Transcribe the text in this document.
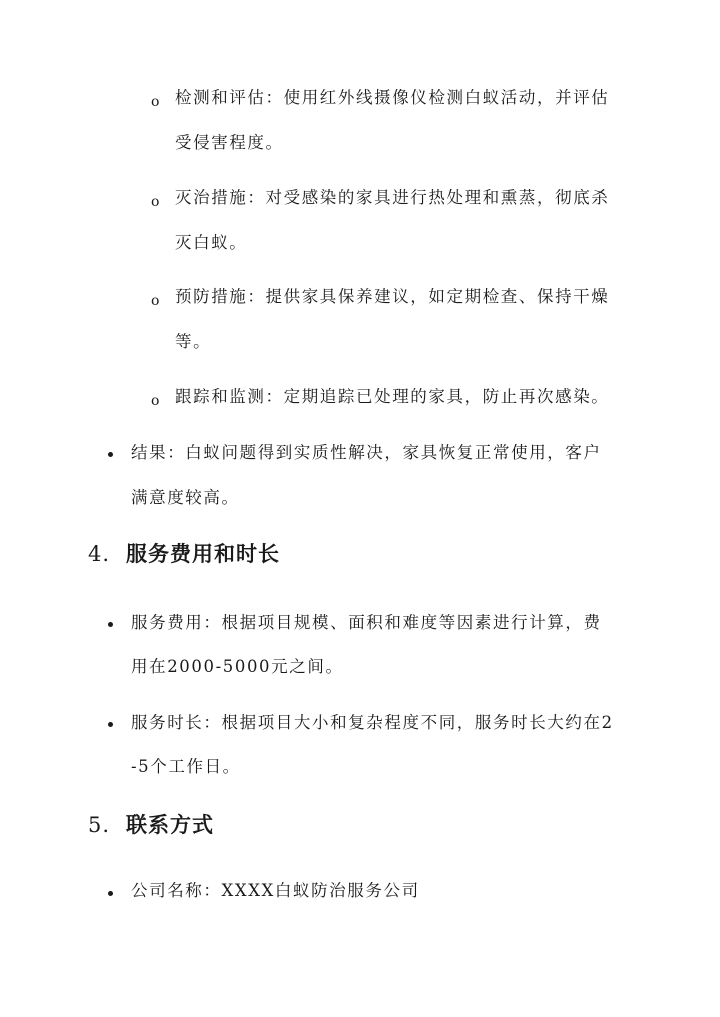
o 检测和评估：使用红外线摄像仪检测白蚁活动，并评估
受侵害程度。
o 灭治措施：对受感染的家具进行热处理和熏蒸，彻底杀
灭白蚁。
o 预防措施：提供家具保养建议，如定期检查、保持干燥
等。
o 跟踪和监测：定期追踪已处理的家具，防止再次感染。
结果：白蚁问题得到实质性解决，家具恢复正常使用，客户
满意度较高。
4. 服务费用和时长
服务费用：根据项目规模、面积和难度等因素进行计算，费
用在2000-5000元之间。
服务时长：根据项目大小和复杂程度不同，服务时长大约在2
-5个工作日。
5. 联系方式
公司名称：XXXX白蚁防治服务公司
